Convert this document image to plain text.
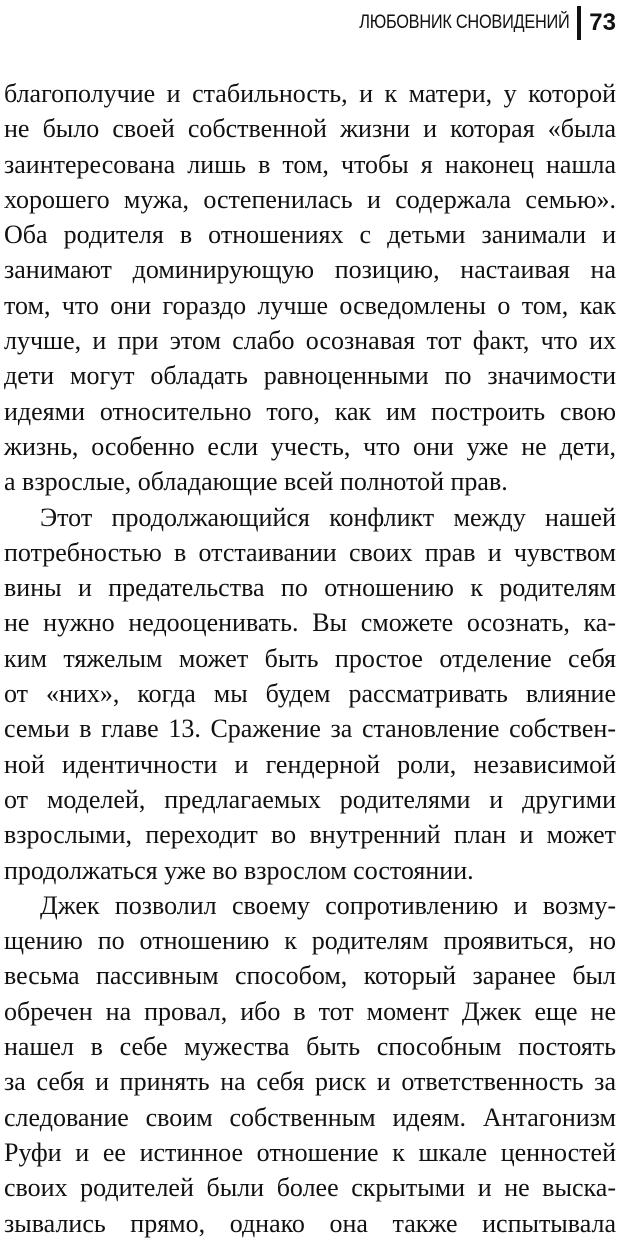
ЛЮБОВНИК СНОВИДЕНИЙ 73
благополучие и стабильность, и к матери, у которой
не было своей собственной жизни и которая «была
заинтересована лишь в том, чтобы я наконец нашла
хорошего мужа, остепенилась и содержала семью».
Оба родителя в отношениях с детьми занимали и
занимают доминирующую позицию, настаивая на
том, что они гораздо лучше осведомлены о том, как
лучше, и при этом слабо осознавая тот факт, что их
дети могут обладать равноценными по значимости
идеями относительно того, как им построить свою
жизнь, особенно если учесть, что они уже не дети,
а взрослые, обладающие всей полнотой прав.
Этот продолжающийся конфликт между нашей
потребностью в отстаивании своих прав и чувством
вины и предательства по отношению к родителям
не нужно недооценивать. Вы сможете осознать, ка-
ким тяжелым может быть простое отделение себя
от «них», когда мы будем рассматривать влияние
семьи в главе 13. Сражение за становление собствен-
ной идентичности и гендерной роли, независимой
от моделей, предлагаемых родителями и другими
взрослыми, переходит во внутренний план и может
продолжаться уже во взрослом состоянии.
Джек позволил своему сопротивлению и возму-
щению по отношению к родителям проявиться, но
весьма пассивным способом, который заранее был
обречен на провал, ибо в тот момент Джек еще не
нашел в себе мужества быть способным постоять
за себя и принять на себя риск и ответственность за
следование своим собственным идеям. Антагонизм
Руфи и ее истинное отношение к шкале ценностей
своих родителей были более скрытыми и не выска-
зывались прямо, однако она также испытывала
